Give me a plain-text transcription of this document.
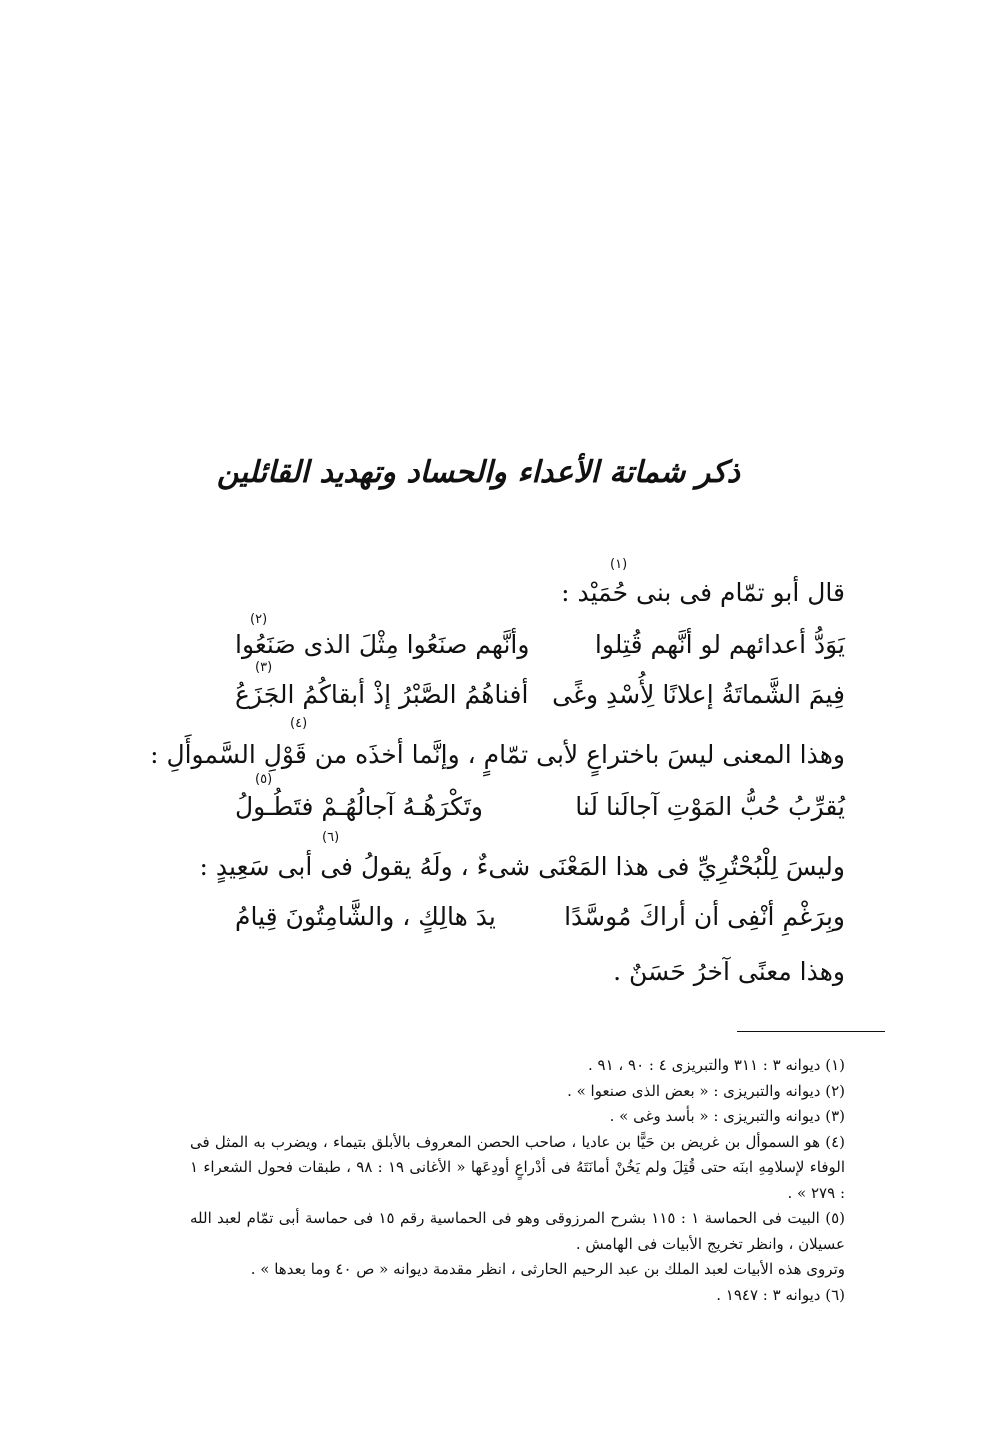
ذكر شماتة الأعداء والحساد وتهديد القائلين
(١)
قال أبو تمّام فى بنى حُمَيْد :
(٢)
يَوَدُّ أعدائهم لو أنَّهم قُتِلوا
وأنَّهم صنَعُوا مِثْلَ الذى صَنَعُوا
(٣)
فِيمَ الشَّماتَةُ إعلانًا لِأُسْدِ وغًى
أفناهُمُ الصَّبْرُ إذْ أبقاكُمُ الجَزَعُ
(٤)
وهذا المعنى ليسَ باختراعٍ لأبى تمّامٍ ، وإنَّما أخذَه من قَوْلِ السَّموأَلِ :
(٥)
يُقرِّبُ حُبُّ المَوْتِ آجالَنا لَنا
وتَكْرَهُـهُ آجالُهُـمْ فتَطُـولُ
(٦)
وليسَ لِلْبُحْتُرِيِّ فى هذا المَعْنَى شىءٌ ، ولَهُ يقولُ فى أبى سَعِيدٍ :
وبِرَغْمِ أنْفِى أن أراكَ مُوسَّدًا
يدَ هالِكٍ ، والشَّامِتُونَ قِيامُ
وهذا معنًى آخرُ حَسَنٌ .

(١) ديوانه ٣ : ٣١١ والتبريزى ٤ : ٩٠ ، ٩١ .

(٢) ديوانه والتبريزى : « بعض الذى صنعوا » .

(٣) ديوانه والتبريزى : « بأسد وغى » .

(٤) هو السموأل بن غريض بن حَيًّا بن عاديا ، صاحب الحصن المعروف بالأبلق بتيماء ، ويضرب به المثل فى الوفاء لإسلامِهِ ابنَه حتى قُتِلَ ولم يَخُنْ أمانَتَهُ فى أدْراعٍ أودِعَها « الأغانى ١٩ : ٩٨ ، طبقات فحول الشعراء ١ : ٢٧٩ » .

(٥) البيت فى الحماسة ١ : ١١٥ بشرح المرزوقى وهو فى الحماسية رقم ١٥ فى حماسة أبى تمّام لعبد الله عسيلان ، وانظر تخريج الأبيات فى الهامش .

وتروى هذه الأبيات لعبد الملك بن عبد الرحيم الحارثى ، انظر مقدمة ديوانه « ص ٤٠ وما بعدها » .

(٦) ديوانه ٣ : ١٩٤٧ .
